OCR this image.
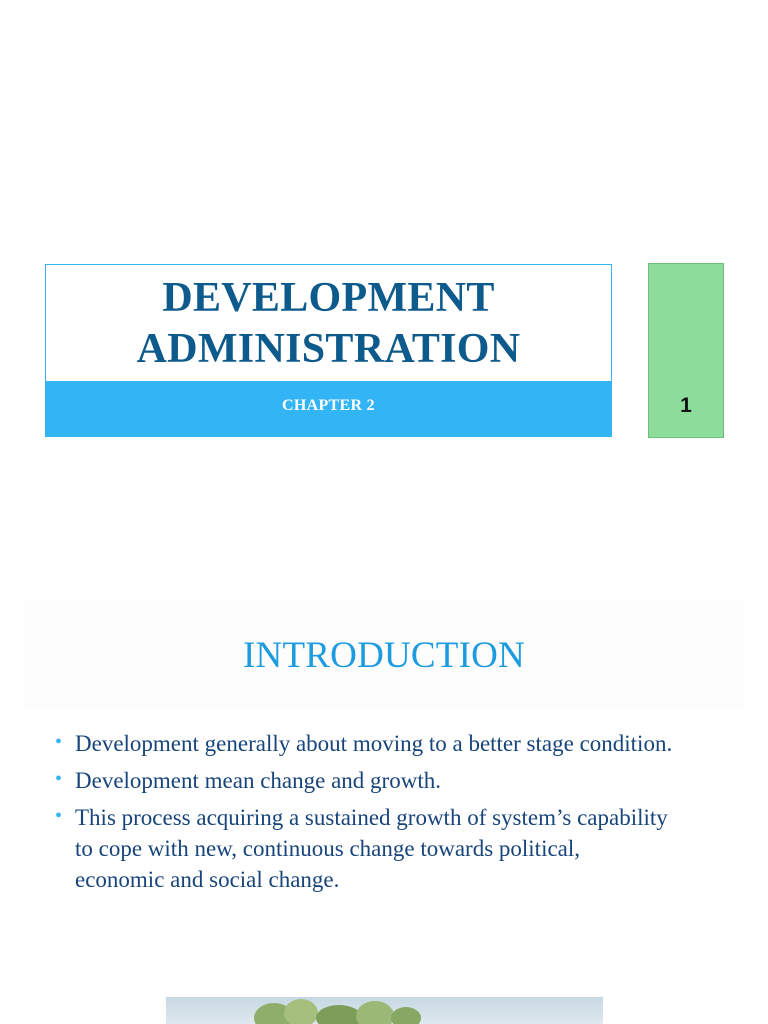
DEVELOPMENT
ADMINISTRATION
CHAPTER 2	1
INTRODUCTION
• Development generally about moving to a better stage condition.
• Development mean change and growth.
• This process acquiring a sustained growth of system’s capability to cope with new, continuous change towards political, economic and social change.
